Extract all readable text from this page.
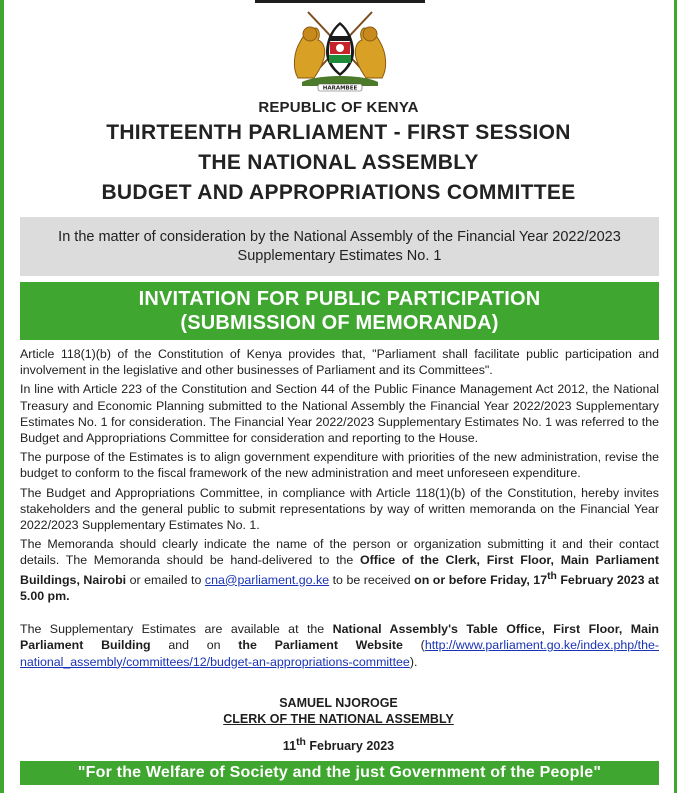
HARAMBEE
REPUBLIC OF KENYA
THIRTEENTH PARLIAMENT - FIRST SESSION
THE NATIONAL ASSEMBLY
BUDGET AND APPROPRIATIONS COMMITTEE
In the matter of consideration by the National Assembly of the Financial Year 2022/2023
Supplementary Estimates No. 1
INVITATION FOR PUBLIC PARTICIPATION
(SUBMISSION OF MEMORANDA)

Article 118(1)(b) of the Constitution of Kenya provides that, "Parliament shall facilitate public participation and involvement in the legislative and other businesses of Parliament and its Committees".

In line with Article 223 of the Constitution and Section 44 of the Public Finance Management Act 2012, the National Treasury and Economic Planning submitted to the National Assembly the Financial Year 2022/2023 Supplementary Estimates No. 1 for consideration. The Financial Year 2022/2023 Supplementary Estimates No. 1 was referred to the Budget and Appropriations Committee for consideration and reporting to the House.

The purpose of the Estimates is to align government expenditure with priorities of the new administration, revise the budget to conform to the fiscal framework of the new administration and meet unforeseen expenditure.

The Budget and Appropriations Committee, in compliance with Article 118(1)(b) of the Constitution, hereby invites stakeholders and the general public to submit representations by way of written memoranda on the Financial Year 2022/2023 Supplementary Estimates No. 1.

The Memoranda should clearly indicate the name of the person or organization submitting it and their contact details. The Memoranda should be hand-delivered to the Office of the Clerk, First Floor, Main Parliament Buildings, Nairobi or emailed to cna@parliament.go.ke to be received on or before Friday, 17th February 2023 at 5.00 pm.

The Supplementary Estimates are available at the National Assembly's Table Office, First Floor, Main Parliament Building and on the Parliament Website (http://www.parliament.go.ke/index.php/the-national_assembly/committees/12/budget-an-appropriations-committee).

SAMUEL NJOROGE
CLERK OF THE NATIONAL ASSEMBLY
11th February 2023
"For the Welfare of Society and the just Government of the People"
